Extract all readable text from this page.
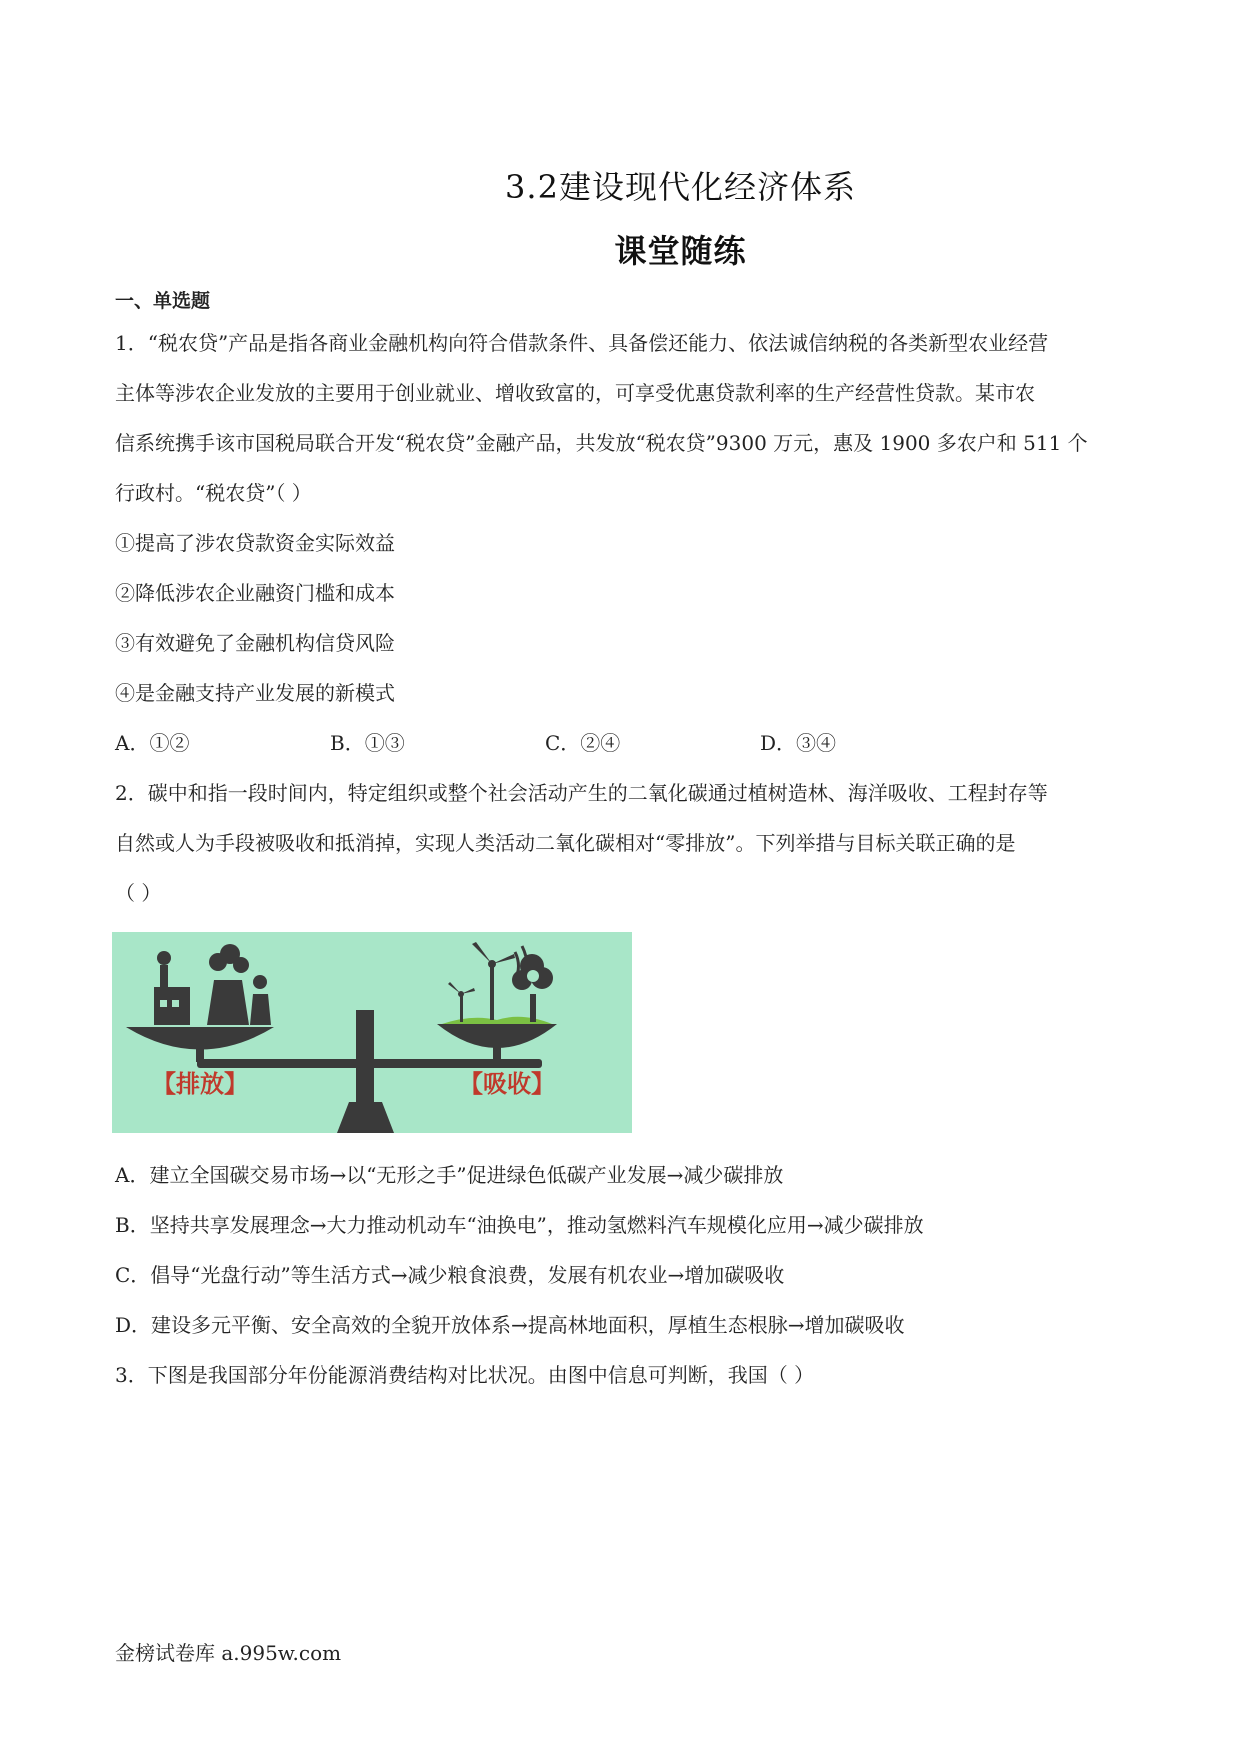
3.2建设现代化经济体系
课堂随练
一、单选题
1．“税农贷”产品是指各商业金融机构向符合借款条件、具备偿还能力、依法诚信纳税的各类新型农业经营
主体等涉农企业发放的主要用于创业就业、增收致富的，可享受优惠贷款利率的生产经营性贷款。某市农
信系统携手该市国税局联合开发“税农贷”金融产品，共发放“税农贷”9300 万元，惠及 1900 多农户和 511 个
行政村。“税农贷”（ ）
①提高了涉农贷款资金实际效益
②降低涉农企业融资门槛和成本
③有效避免了金融机构信贷风险
④是金融支持产业发展的新模式
A．①②	B．①③	C．②④	D．③④
2．碳中和指一段时间内，特定组织或整个社会活动产生的二氧化碳通过植树造林、海洋吸收、工程封存等
自然或人为手段被吸收和抵消掉，实现人类活动二氧化碳相对“零排放”。下列举措与目标关联正确的是
（ ）
【排放】	【吸收】
A．建立全国碳交易市场→以“无形之手”促进绿色低碳产业发展→减少碳排放
B．坚持共享发展理念→大力推动机动车“油换电”，推动氢燃料汽车规模化应用→减少碳排放
C．倡导“光盘行动”等生活方式→减少粮食浪费，发展有机农业→增加碳吸收
D．建设多元平衡、安全高效的全貌开放体系→提高林地面积，厚植生态根脉→增加碳吸收
3．下图是我国部分年份能源消费结构对比状况。由图中信息可判断，我国（ ）
金榜试卷库 a.995w.com
